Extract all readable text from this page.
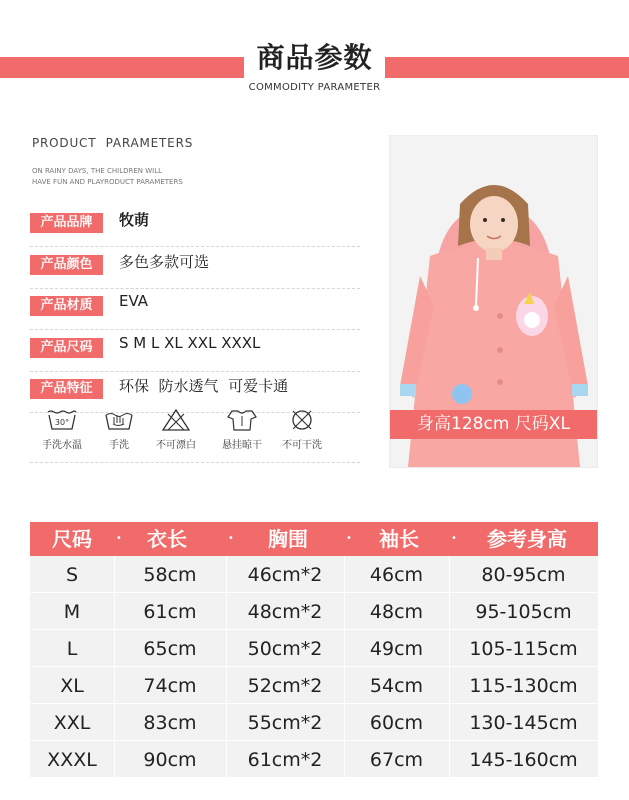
商品参数
COMMODITY PARAMETER
PRODUCT  PARAMETERS
ON RAINY DAYS, THE CHILDREN WILL
HAVE FUN AND PLAYRODUCT PARAMETERS
产品品牌	牧萌
产品颜色	多色多款可选
产品材质	EVA
产品尺码	S M L XL XXL XXXL
产品特征	环保  防水透气  可爱卡通
30°
手洗水温	手洗	不可漂白	悬挂晾干	不可干洗
身高128cm 尺码XL
尺码	•	衣长	•	胸围	•	袖长	•	参考身高
S	58cm	46cm*2	46cm	80-95cm
M	61cm	48cm*2	48cm	95-105cm
L	65cm	50cm*2	49cm	105-115cm
XL	74cm	52cm*2	54cm	115-130cm
XXL	83cm	55cm*2	60cm	130-145cm
XXXL	90cm	61cm*2	67cm	145-160cm
